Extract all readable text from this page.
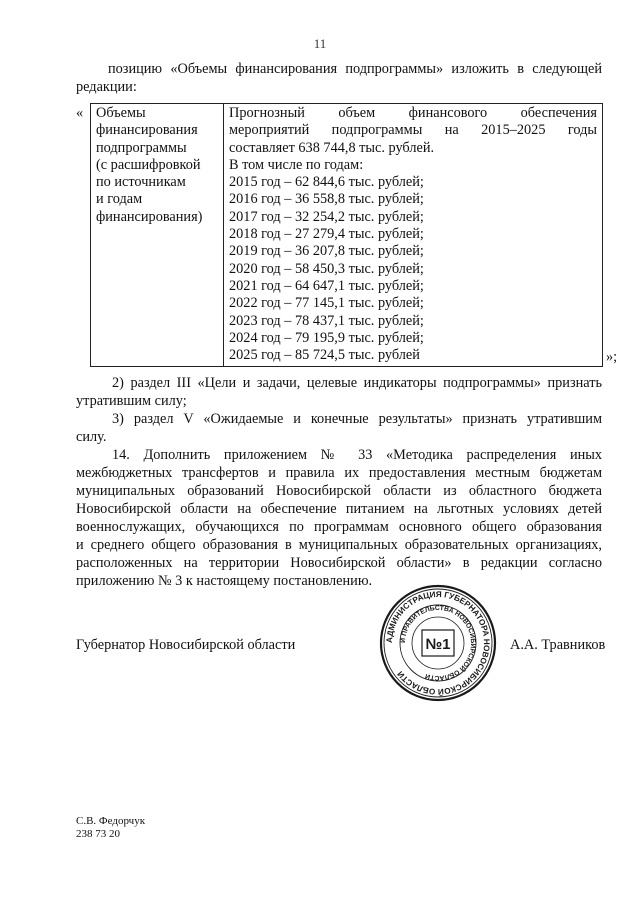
11
позицию «Объемы финансирования подпрограммы» изложить в следующей
редакции:
« Объемы
финансирования
подпрограммы
(с расшифровкой
по источникам
и годам
финансирования)

Прогнозный объем финансового обеспечения
мероприятий подпрограммы на 2015–2025 годы
составляет 638 744,8 тыс. рублей.
В том числе по годам:
2015 год – 62 844,6 тыс. рублей;
2016 год – 36 558,8 тыс. рублей;
2017 год – 32 254,2 тыс. рублей;
2018 год – 27 279,4 тыс. рублей;
2019 год – 36 207,8 тыс. рублей;
2020 год – 58 450,3 тыс. рублей;
2021 год – 64 647,1 тыс. рублей;
2022 год – 77 145,1 тыс. рублей;
2023 год – 78 437,1 тыс. рублей;
2024 год – 79 195,9 тыс. рублей;
2025 год – 85 724,5 тыс. рублей	»;
2) раздел III «Цели и задачи, целевые индикаторы подпрограммы» признать
утратившим силу;
3) раздел V «Ожидаемые и конечные результаты» признать утратившим
силу.
14. Дополнить приложением № 33 «Методика распределения иных
межбюджетных трансфертов и правила их предоставления местным бюджетам
муниципальных образований Новосибирской области из областного бюджета
Новосибирской области на обеспечение питанием на льготных условиях детей
военнослужащих, обучающихся по программам основного общего образования
и среднего общего образования в муниципальных образовательных организациях,
расположенных на территории Новосибирской области» в редакции согласно
приложению № 3 к настоящему постановлению.
Губернатор Новосибирской области	А.А. Травников
АДМИНИСТРАЦИЯ ГУБЕРНАТОРА НОВОСИБИРСКОЙ ОБЛАСТИ
И ПРАВИТЕЛЬСТВА НОВОСИБИРСКОЙ ОБЛАСТИ
№1
С.В. Федорчук
238 73 20
